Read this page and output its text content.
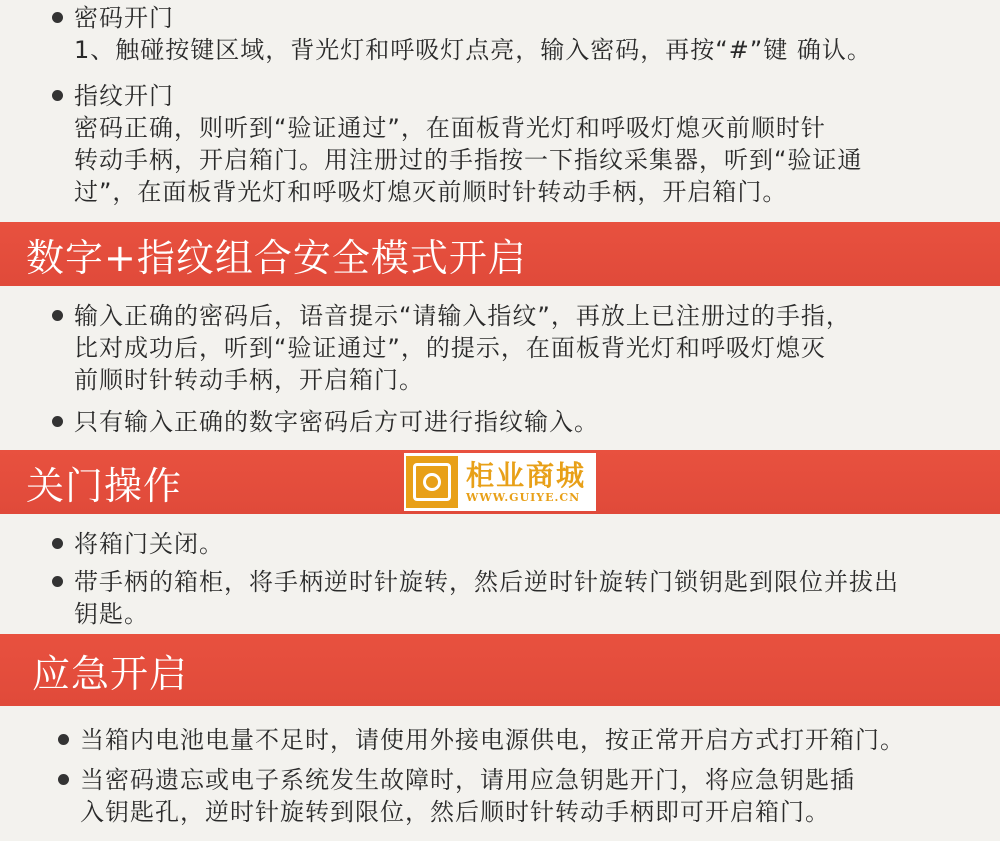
密码开门
1、触碰按键区域，背光灯和呼吸灯点亮，输入密码，再按“#”键 确认。
指纹开门
密码正确，则听到“验证通过”，在面板背光灯和呼吸灯熄灭前顺时针
转动手柄，开启箱门。用注册过的手指按一下指纹采集器，听到“验证通
过”，在面板背光灯和呼吸灯熄灭前顺时针转动手柄，开启箱门。
数字+指纹组合安全模式开启
输入正确的密码后，语音提示“请输入指纹”，再放上已注册过的手指，
比对成功后，听到“验证通过”，的提示，在面板背光灯和呼吸灯熄灭
前顺时针转动手柄，开启箱门。
只有输入正确的数字密码后方可进行指纹输入。
关门操作	柜业商城
WWW.GUIYE.CN
将箱门关闭。
带手柄的箱柜，将手柄逆时针旋转，然后逆时针旋转门锁钥匙到限位并拔出
钥匙。
应急开启
当箱内电池电量不足时，请使用外接电源供电，按正常开启方式打开箱门。
当密码遗忘或电子系统发生故障时，请用应急钥匙开门，将应急钥匙插
入钥匙孔，逆时针旋转到限位，然后顺时针转动手柄即可开启箱门。
